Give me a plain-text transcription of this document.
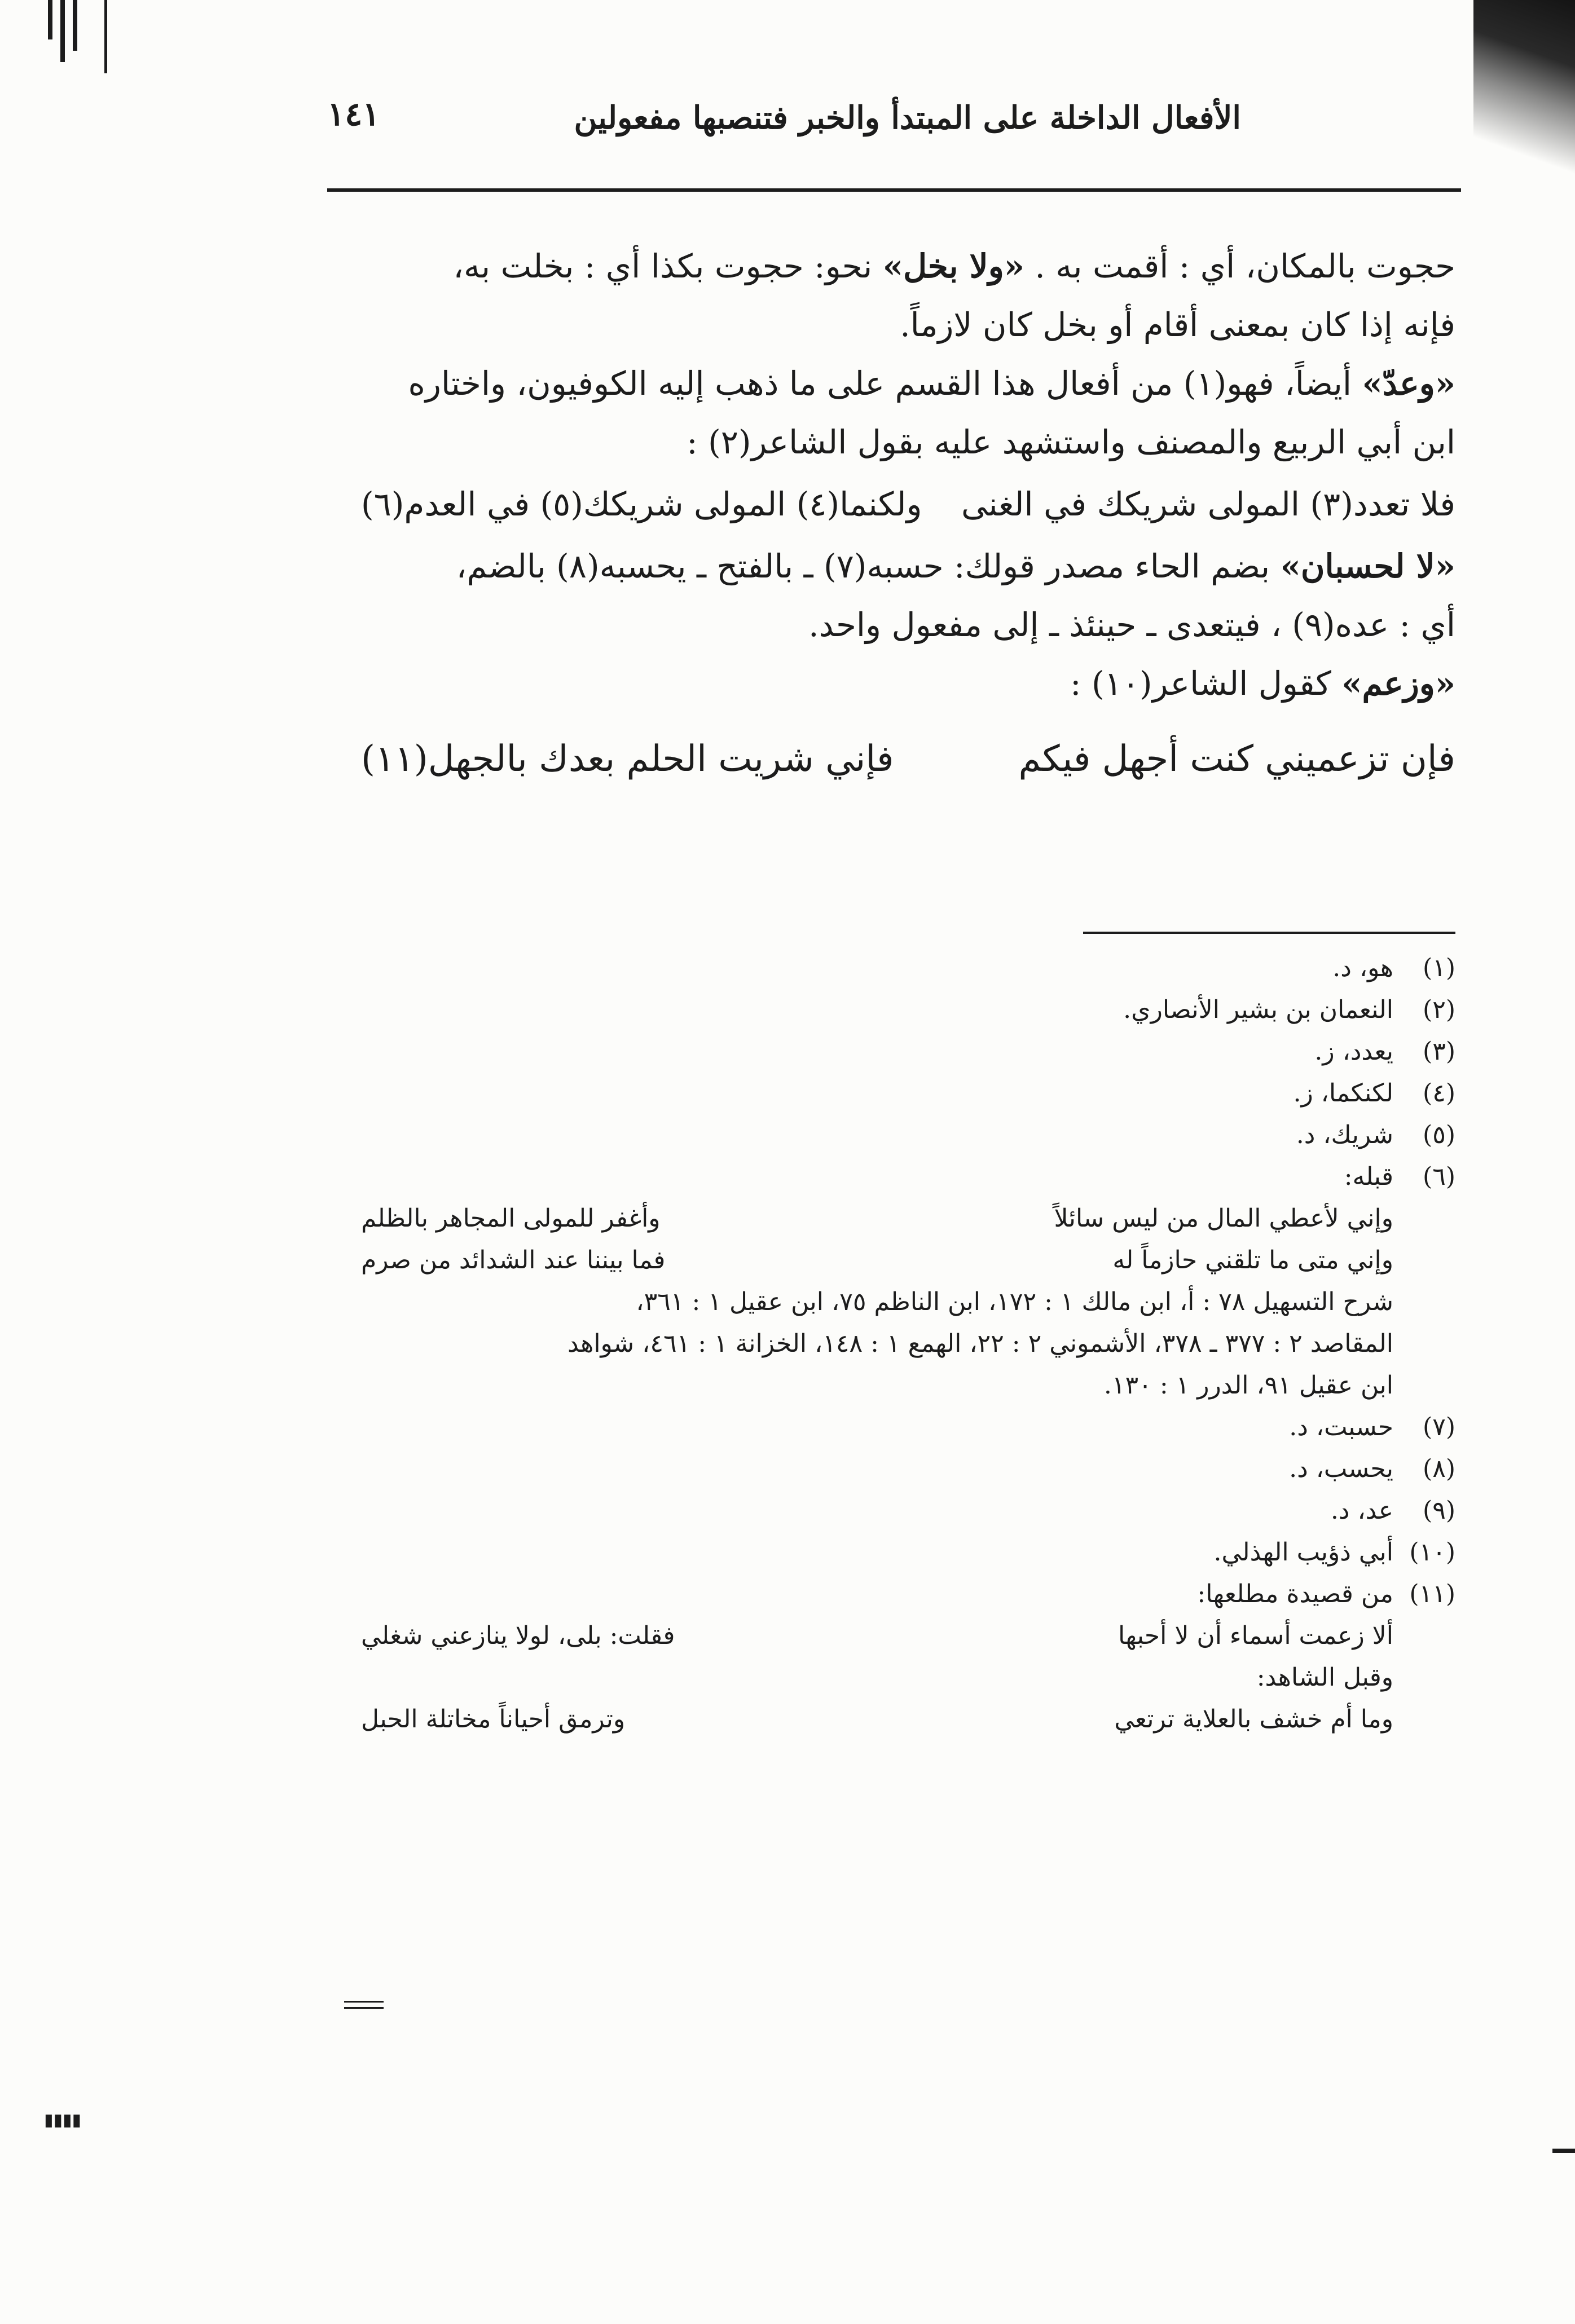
الأفعال الداخلة على المبتدأ والخبر فتنصبها مفعولين
١٤١
حجوت بالمكان، أي : أقمت به . «ولا بخل» نحو: حجوت بكذا أي : بخلت به،
فإنه إذا كان بمعنى أقام أو بخل كان لازماً.
«وعدّ» أيضاً، فهو(١) من أفعال هذا القسم على ما ذهب إليه الكوفيون، واختاره
ابن أبي الربيع والمصنف واستشهد عليه بقول الشاعر(٢) :
فلا تعدد(٣) المولى شريكك في الغنى
ولكنما(٤) المولى شريكك(٥) في العدم(٦)
«لا لحسبان» بضم الحاء مصدر قولك: حسبه(٧) ـ بالفتح ـ يحسبه(٨) بالضم،
أي : عده(٩) ، فيتعدى ـ حينئذ ـ إلى مفعول واحد.
«وزعم» كقول الشاعر(١٠) :
فإن تزعميني كنت أجهل فيكم
فإني شريت الحلم بعدك بالجهل(١١)
(١)هو، د.
(٢)النعمان بن بشير الأنصاري.
(٣)يعدد، ز.
(٤)لكنكما، ز.
(٥)شريك، د.
(٦)قبله:
وإني لأعطي المال من ليس سائلاً
وأغفر للمولى المجاهر بالظلم
وإني متى ما تلقني حازماً له
فما بيننا عند الشدائد من صرم
شرح التسهيل ٧٨ : أ، ابن مالك ١ : ١٧٢، ابن الناظم ٧٥، ابن عقيل ١ : ٣٦١،
المقاصد ٢ : ٣٧٧ ـ ٣٧٨، الأشموني ٢ : ٢٢، الهمع ١ : ١٤٨، الخزانة ١ : ٤٦١، شواهد
ابن عقيل ٩١، الدرر ١ : ١٣٠.
(٧)حسبت، د.
(٨)يحسب، د.
(٩)عد، د.
(١٠)أبي ذؤيب الهذلي.
(١١)من قصيدة مطلعها:
ألا زعمت أسماء أن لا أحبها
فقلت: بلى، لولا ينازعني شغلي
وقبل الشاهد:
وما أم خشف بالعلاية ترتعي
وترمق أحياناً مخاتلة الحبل
▮▮▮▮
